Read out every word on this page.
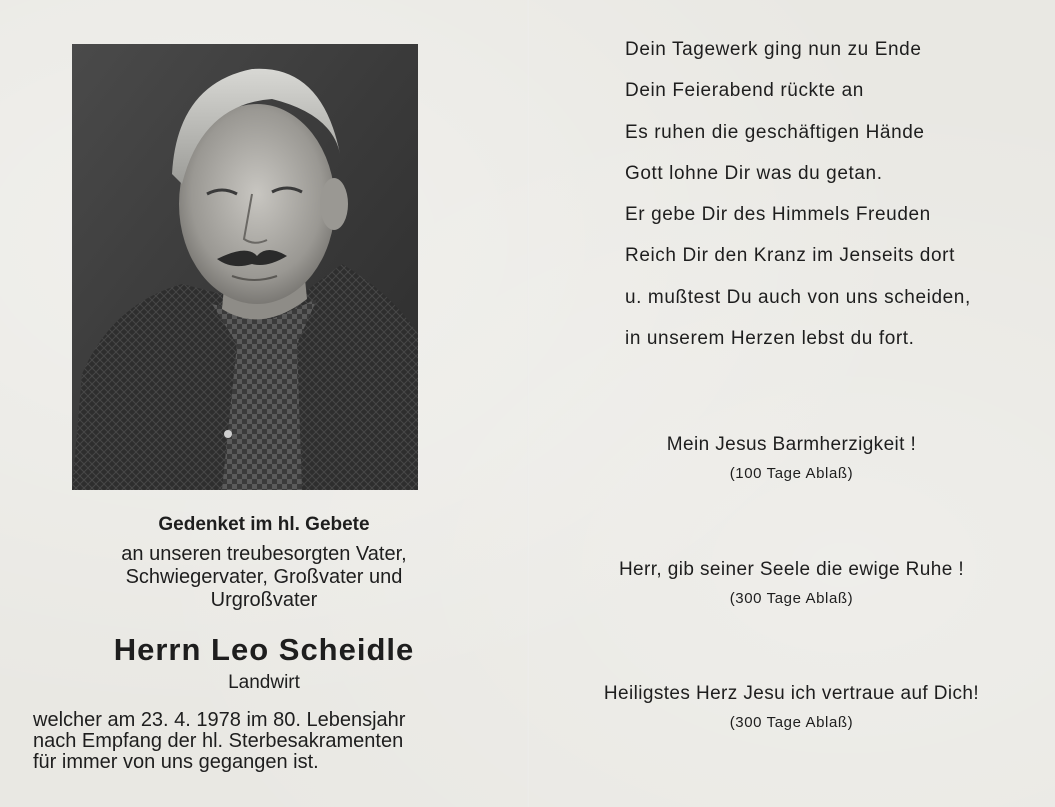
Gedenket im hl. Gebete
an unseren treubesorgten Vater,
Schwiegervater, Großvater und
Urgroßvater
Herrn Leo Scheidle
Landwirt
welcher am 23. 4. 1978 im 80. Lebensjahr
nach Empfang der hl. Sterbesakramenten
für immer von uns gegangen ist.
Dein Tagewerk ging nun zu Ende
Dein Feierabend rückte an
Es ruhen die geschäftigen Hände
Gott lohne Dir was du getan.
Er gebe Dir des Himmels Freuden
Reich Dir den Kranz im Jenseits dort
u. mußtest Du auch von uns scheiden,
in unserem Herzen lebst du fort.
Mein Jesus Barmherzigkeit !
(100 Tage Ablaß)
Herr, gib seiner Seele die ewige Ruhe !
(300 Tage Ablaß)
Heiligstes Herz Jesu ich vertraue auf Dich!
(300 Tage Ablaß)
